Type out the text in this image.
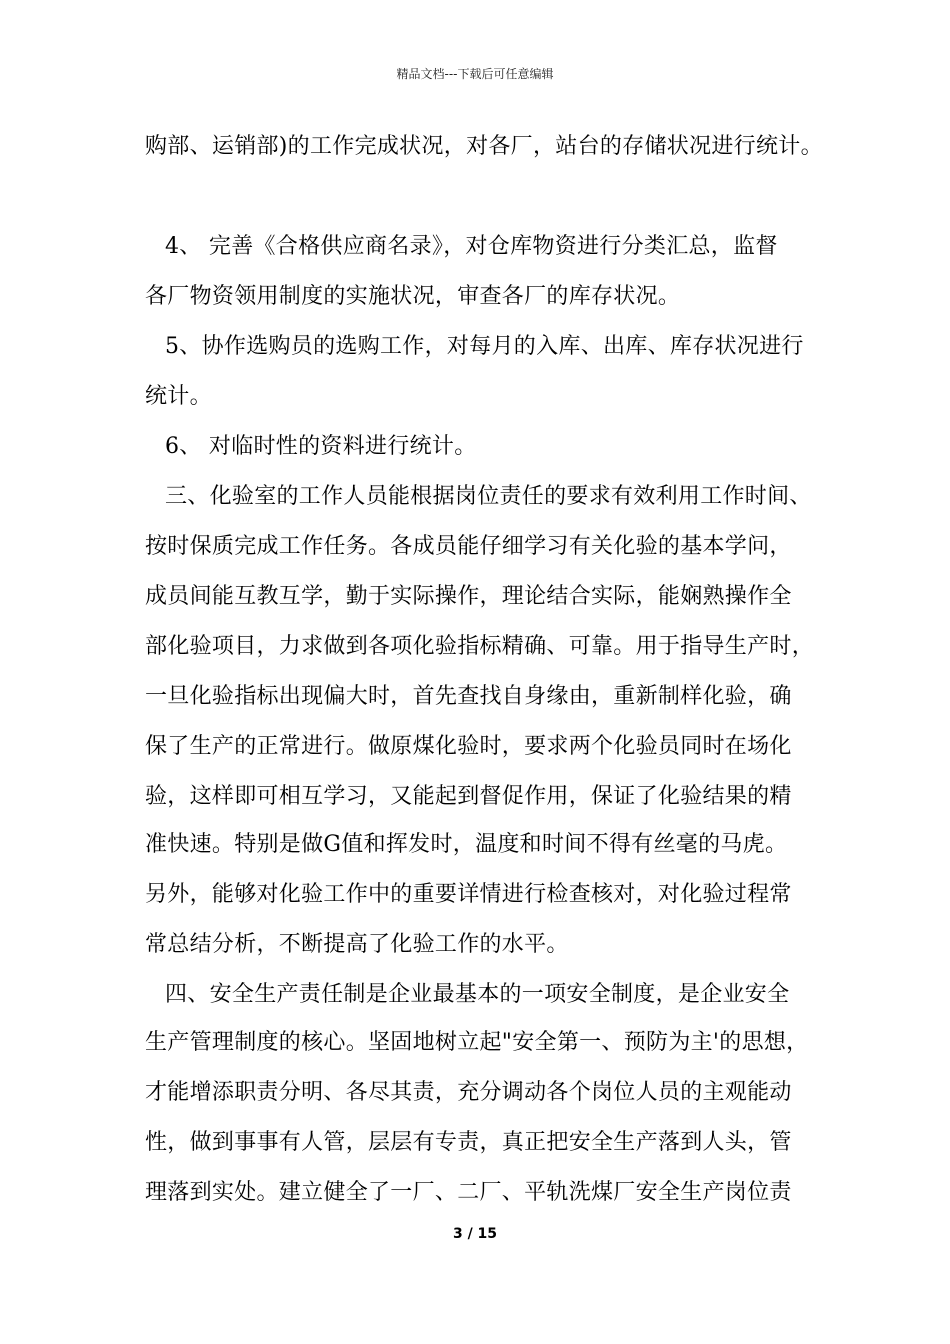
精品文档---下载后可任意编辑
购部、运销部)的工作完成状况，对各厂，站台的存储状况进行统计。
4、 完善《合格供应商名录》，对仓库物资进行分类汇总，监督
各厂物资领用制度的实施状况，审查各厂的库存状况。
5、协作选购员的选购工作，对每月的入库、出库、库存状况进行
统计。
6、 对临时性的资料进行统计。
三、化验室的工作人员能根据岗位责任的要求有效利用工作时间、
按时保质完成工作任务。各成员能仔细学习有关化验的基本学问，
成员间能互教互学，勤于实际操作，理论结合实际，能娴熟操作全
部化验项目，力求做到各项化验指标精确、可靠。用于指导生产时，
一旦化验指标出现偏大时，首先查找自身缘由，重新制样化验，确
保了生产的正常进行。做原煤化验时，要求两个化验员同时在场化
验，这样即可相互学习，又能起到督促作用，保证了化验结果的精
准快速。特别是做G值和挥发时，温度和时间不得有丝毫的马虎。
另外，能够对化验工作中的重要详情进行检查核对，对化验过程常
常总结分析，不断提高了化验工作的水平。
四、安全生产责任制是企业最基本的一项安全制度，是企业安全
生产管理制度的核心。坚固地树立起"安全第一、预防为主'的思想，
才能增添职责分明、各尽其责，充分调动各个岗位人员的主观能动
性，做到事事有人管，层层有专责，真正把安全生产落到人头，管
理落到实处。建立健全了一厂、二厂、平轨洗煤厂安全生产岗位责
3 / 15
